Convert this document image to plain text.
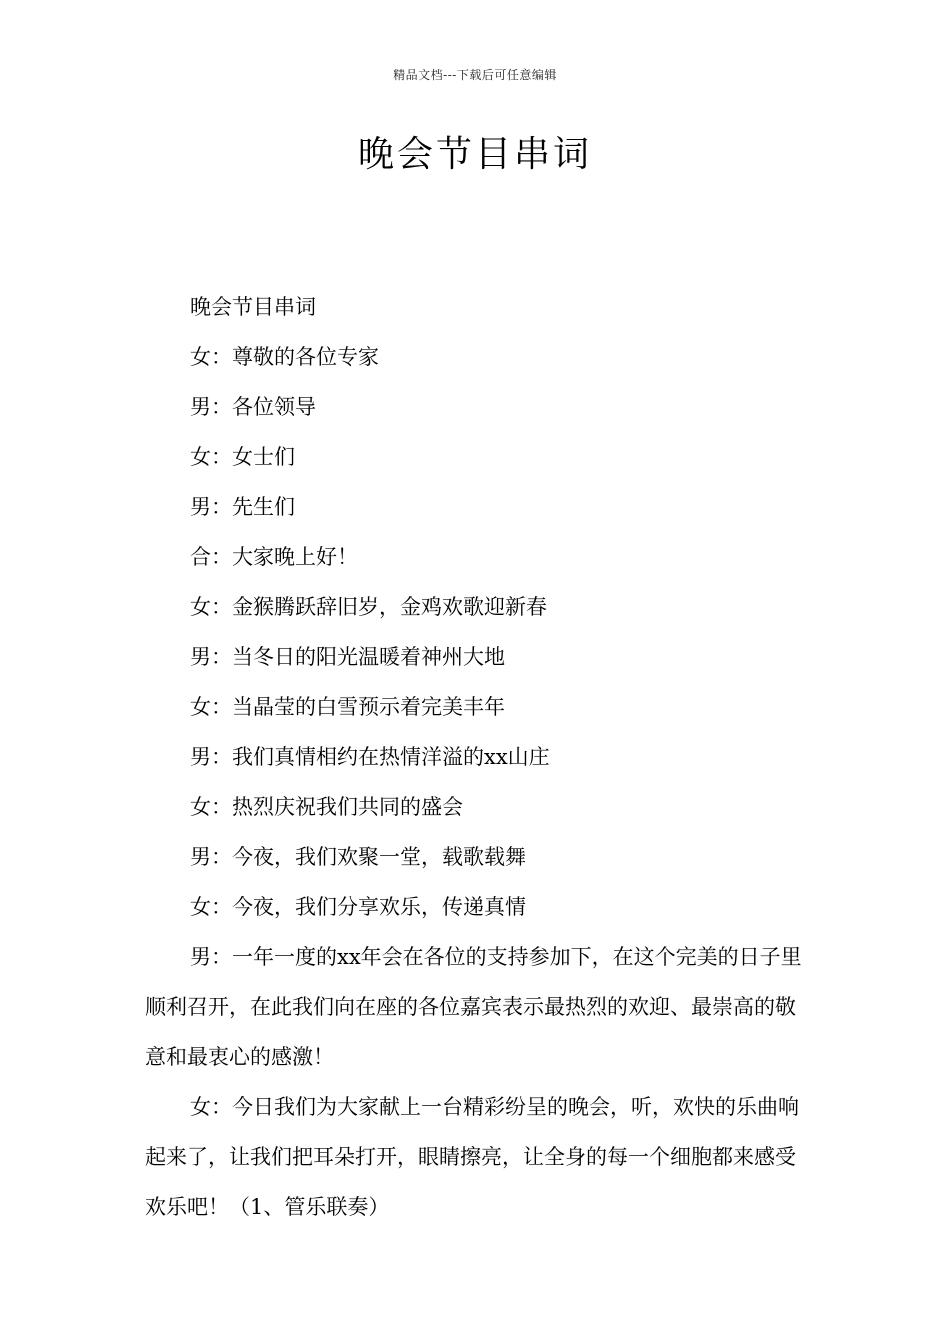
精品文档---下载后可任意编辑
晚会节目串词

晚会节目串词

女：尊敬的各位专家

男：各位领导

女：女士们

男：先生们

合：大家晚上好！

女：金猴腾跃辞旧岁，金鸡欢歌迎新春

男：当冬日的阳光温暖着神州大地

女：当晶莹的白雪预示着完美丰年

男：我们真情相约在热情洋溢的xx山庄

女：热烈庆祝我们共同的盛会

男：今夜，我们欢聚一堂，载歌载舞

女：今夜，我们分享欢乐，传递真情

男：一年一度的xx年会在各位的支持参加下，在这个完美的日子里顺利召开，在此我们向在座的各位嘉宾表示最热烈的欢迎、最崇高的敬意和最衷心的感激！

女：今日我们为大家献上一台精彩纷呈的晚会，听，欢快的乐曲响起来了，让我们把耳朵打开，眼睛擦亮，让全身的每一个细胞都来感受欢乐吧！（1、管乐联奏）
